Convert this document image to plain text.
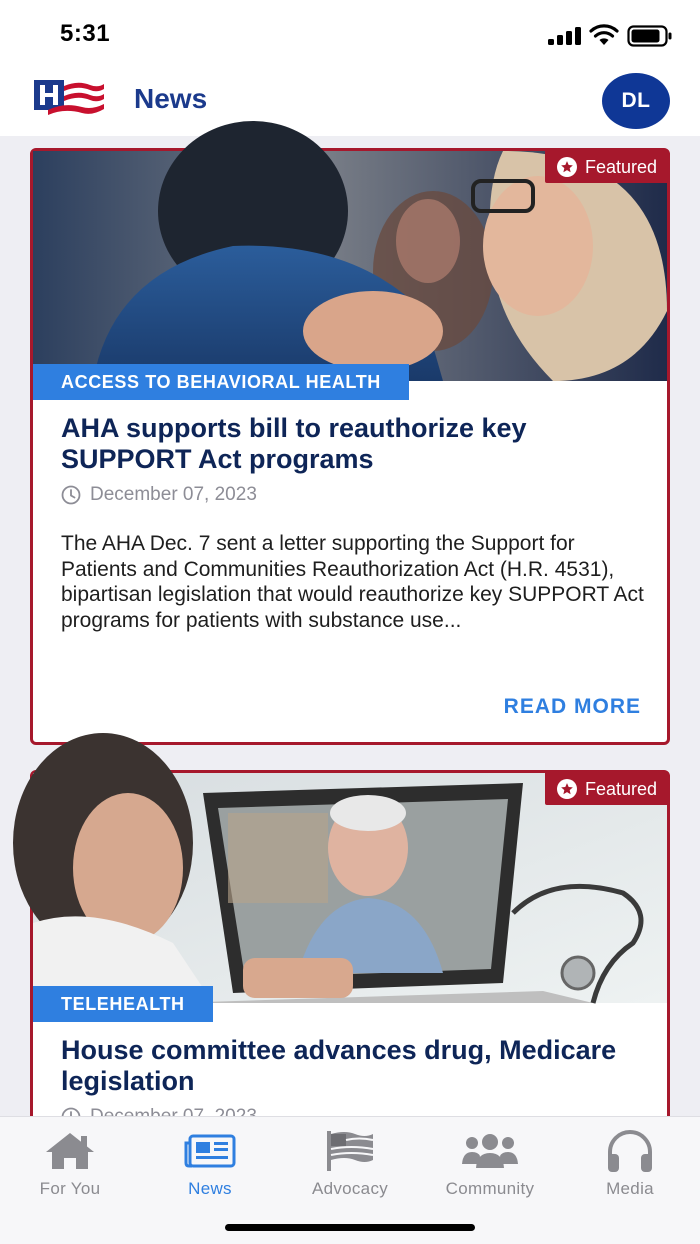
5:31
News	DL
Featured
ACCESS TO BEHAVIORAL HEALTH
AHA supports bill to reauthorize key SUPPORT Act programs
December 07, 2023
The AHA Dec. 7 sent a letter supporting the Support for Patients and Communities Reauthorization Act (H.R. 4531), bipartisan legislation that would reauthorize key SUPPORT Act programs for patients with substance use...
READ MORE
Featured
TELEHEALTH
House committee advances drug, Medicare legislation
For You	News	Advocacy	Community	Media
